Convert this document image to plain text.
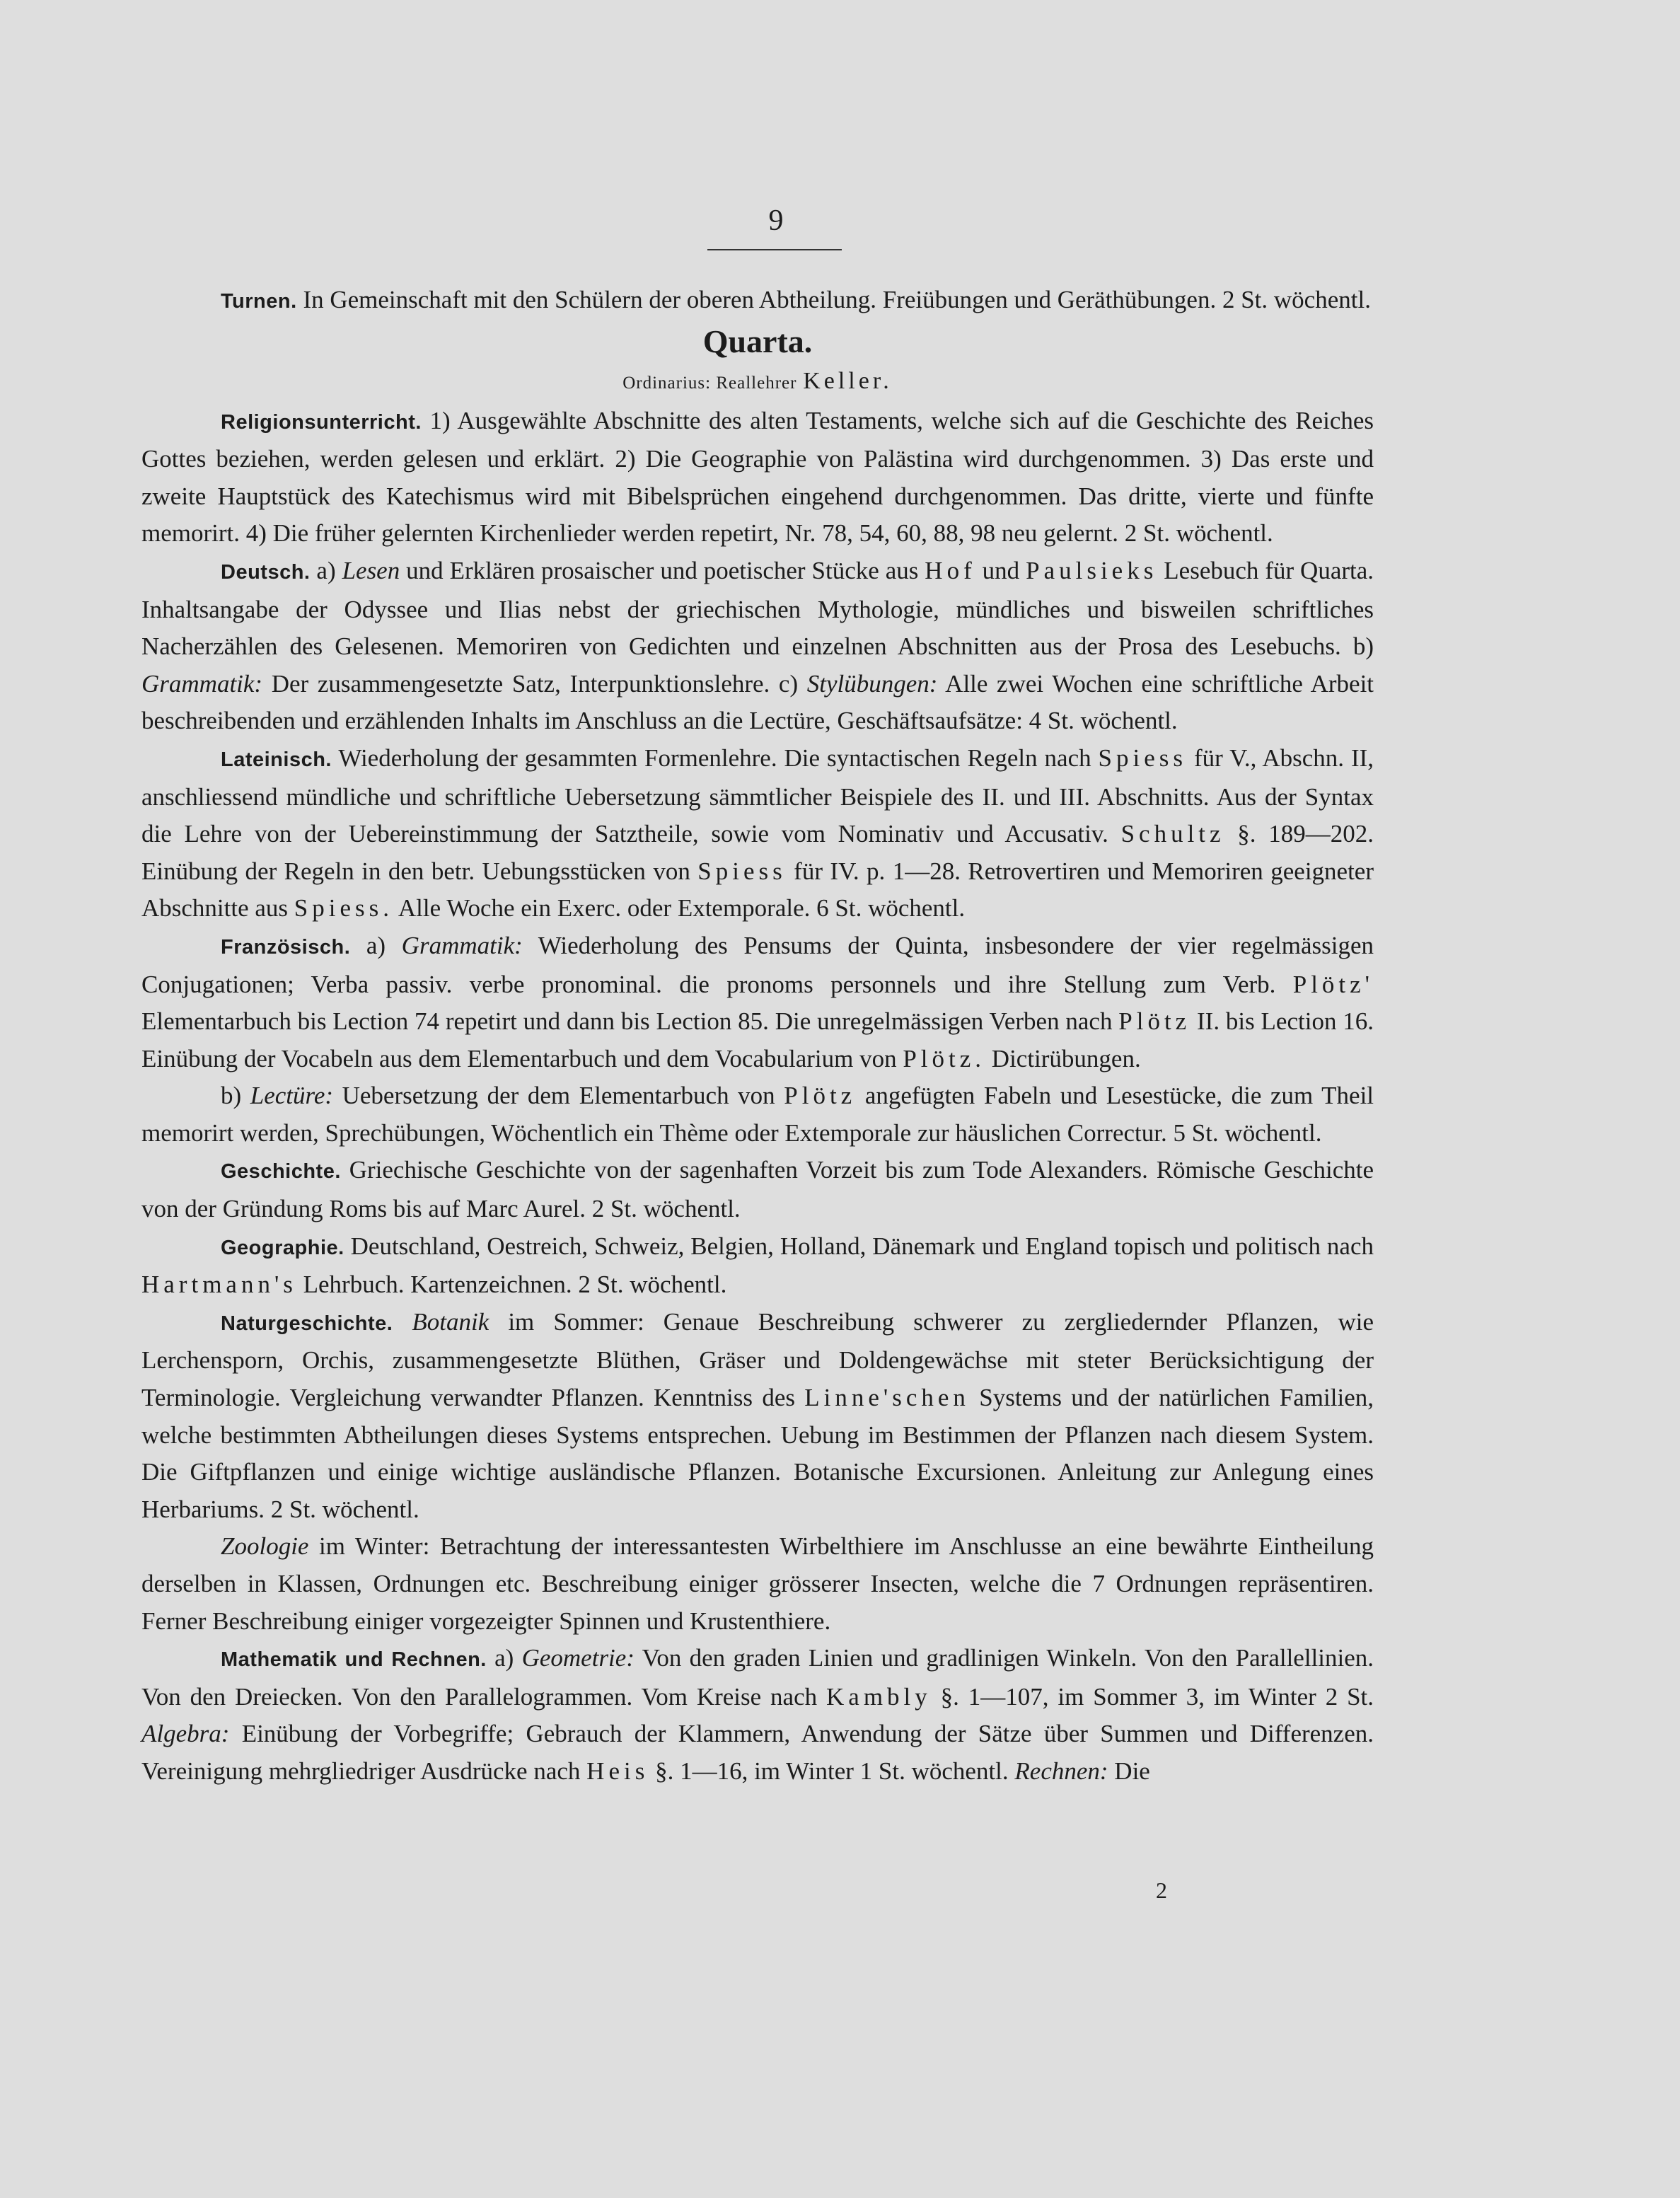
9

Turnen. In Gemeinschaft mit den Schülern der oberen Abtheilung. Freiübungen und Geräthübungen. 2 St. wöchentl.

Quarta.

Ordinarius: Reallehrer Keller.

Religionsunterricht. 1) Ausgewählte Abschnitte des alten Testaments, welche sich auf die Geschichte des Reiches Gottes beziehen, werden gelesen und erklärt. 2) Die Geographie von Palästina wird durchgenommen. 3) Das erste und zweite Hauptstück des Katechismus wird mit Bibelsprüchen eingehend durchgenommen. Das dritte, vierte und fünfte memorirt. 4) Die früher gelernten Kirchenlieder werden repetirt, Nr. 78, 54, 60, 88, 98 neu gelernt. 2 St. wöchentl.

Deutsch. a) Lesen und Erklären prosaischer und poetischer Stücke aus Hof und Paulsieks Lesebuch für Quarta. Inhaltsangabe der Odyssee und Ilias nebst der griechischen Mythologie, mündliches und bisweilen schriftliches Nacherzählen des Gelesenen. Memoriren von Gedichten und einzelnen Abschnitten aus der Prosa des Lesebuchs. b) Grammatik: Der zusammengesetzte Satz, Interpunktionslehre. c) Stylübungen: Alle zwei Wochen eine schriftliche Arbeit beschreibenden und erzählenden Inhalts im Anschluss an die Lectüre, Geschäftsaufsätze: 4 St. wöchentl.

Lateinisch. Wiederholung der gesammten Formenlehre. Die syntactischen Regeln nach Spiess für V., Abschn. II, anschliessend mündliche und schriftliche Uebersetzung sämmtlicher Beispiele des II. und III. Abschnitts. Aus der Syntax die Lehre von der Uebereinstimmung der Satztheile, sowie vom Nominativ und Accusativ. Schultz §. 189—202. Einübung der Regeln in den betr. Uebungsstücken von Spiess für IV. p. 1—28. Retrovertiren und Memoriren geeigneter Abschnitte aus Spiess. Alle Woche ein Exerc. oder Extemporale. 6 St. wöchentl.

Französisch. a) Grammatik: Wiederholung des Pensums der Quinta, insbesondere der vier regelmässigen Conjugationen; Verba passiv. verbe pronominal. die pronoms personnels und ihre Stellung zum Verb. Plötz' Elementarbuch bis Lection 74 repetirt und dann bis Lection 85. Die unregelmässigen Verben nach Plötz II. bis Lection 16. Einübung der Vocabeln aus dem Elementarbuch und dem Vocabularium von Plötz. Dictirübungen.

b) Lectüre: Uebersetzung der dem Elementarbuch von Plötz angefügten Fabeln und Lesestücke, die zum Theil memorirt werden, Sprechübungen, Wöchentlich ein Thème oder Extemporale zur häuslichen Correctur. 5 St. wöchentl.

Geschichte. Griechische Geschichte von der sagenhaften Vorzeit bis zum Tode Alexanders. Römische Geschichte von der Gründung Roms bis auf Marc Aurel. 2 St. wöchentl.

Geographie. Deutschland, Oestreich, Schweiz, Belgien, Holland, Dänemark und England topisch und politisch nach Hartmann's Lehrbuch. Kartenzeichnen. 2 St. wöchentl.

Naturgeschichte. Botanik im Sommer: Genaue Beschreibung schwerer zu zergliedernder Pflanzen, wie Lerchensporn, Orchis, zusammengesetzte Blüthen, Gräser und Doldengewächse mit steter Berücksichtigung der Terminologie. Vergleichung verwandter Pflanzen. Kenntniss des Linne'schen Systems und der natürlichen Familien, welche bestimmten Abtheilungen dieses Systems entsprechen. Uebung im Bestimmen der Pflanzen nach diesem System. Die Giftpflanzen und einige wichtige ausländische Pflanzen. Botanische Excursionen. Anleitung zur Anlegung eines Herbariums. 2 St. wöchentl.

Zoologie im Winter: Betrachtung der interessantesten Wirbelthiere im Anschlusse an eine bewährte Eintheilung derselben in Klassen, Ordnungen etc. Beschreibung einiger grösserer Insecten, welche die 7 Ordnungen repräsentiren. Ferner Beschreibung einiger vorgezeigter Spinnen und Krustenthiere.

Mathematik und Rechnen. a) Geometrie: Von den graden Linien und gradlinigen Winkeln. Von den Parallellinien. Von den Dreiecken. Von den Parallelogrammen. Vom Kreise nach Kambly §. 1—107, im Sommer 3, im Winter 2 St. Algebra: Einübung der Vorbegriffe; Gebrauch der Klammern, Anwendung der Sätze über Summen und Differenzen. Vereinigung mehrgliedriger Ausdrücke nach Heis §. 1—16, im Winter 1 St. wöchentl. Rechnen: Die

2
